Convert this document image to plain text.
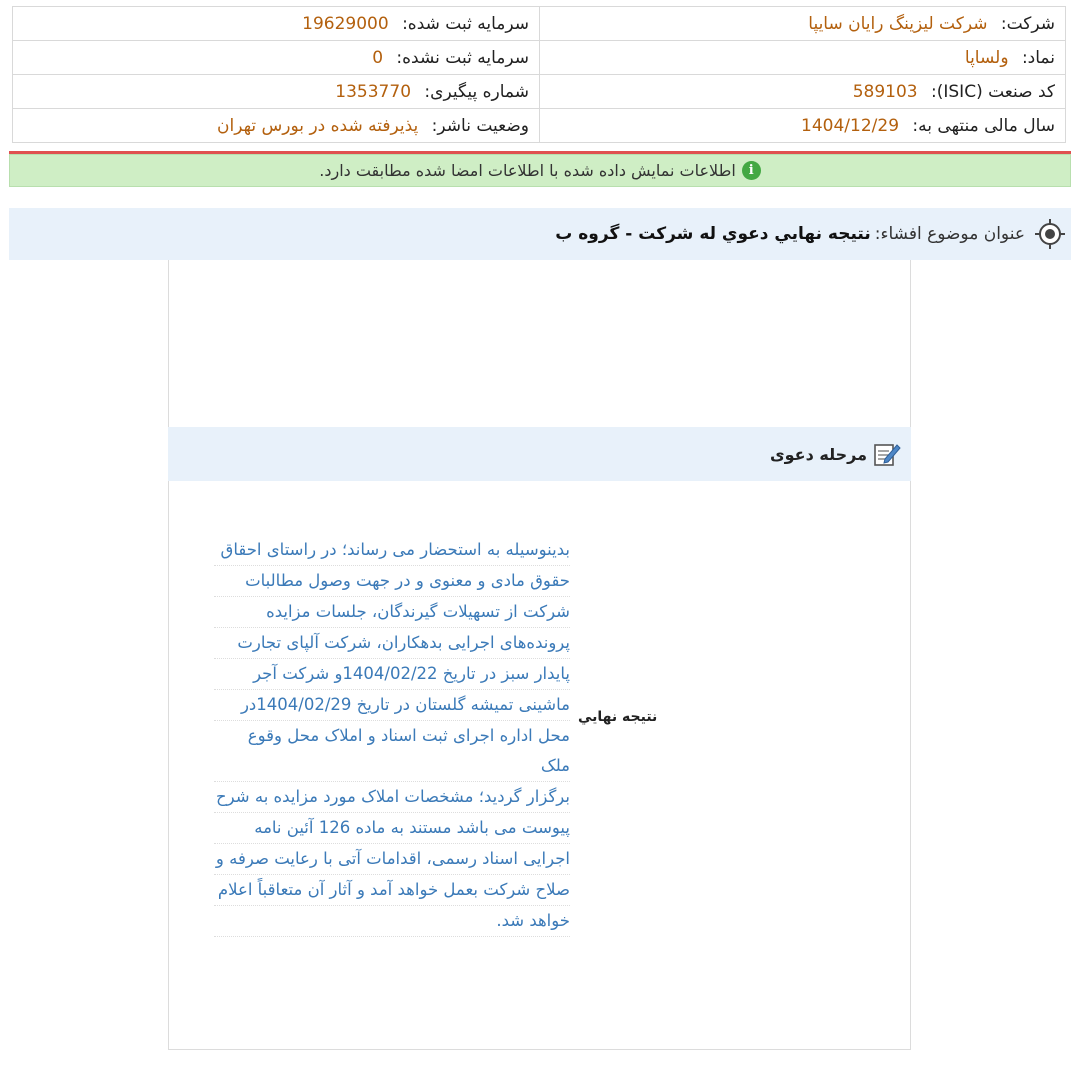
شرکت: شرکت لیزینگ رایان سایپا	سرمایه ثبت شده: 19629000
نماد: ولساپا	سرمایه ثبت نشده: 0
کد صنعت (ISIC): 589103	شماره پیگیری: 1353770
سال مالی منتهی به: 1404/12/29	وضعیت ناشر: پذیرفته شده در بورس تهران
i
اطلاعات نمایش داده شده با اطلاعات امضا شده مطابقت دارد.
عنوان موضوع افشاء:
نتيجه نهايي دعوي له شركت - گروه ب
مرحله دعوی
نتيجه نهايي
بدینوسیله به استحضار می رساند؛ در راستای احقاق
حقوق مادی و معنوی و در جهت وصول مطالبات
شرکت از تسهیلات گیرندگان، جلسات مزایده
پرونده‌های اجرایی بدهکاران، شرکت آلپای تجارت
پایدار سبز در تاریخ 1404/02/22و شرکت آجر
ماشینی تمیشه گلستان در تاریخ 1404/02/29در
محل اداره اجرای ثبت اسناد و املاک محل وقوع ملک
برگزار گردید؛ مشخصات املاک مورد مزایده به شرح
پیوست می باشد مستند به ماده 126 آئین نامه
اجرایی اسناد رسمی، اقدامات آتی با رعایت صرفه و
صلاح شرکت بعمل خواهد آمد و آثار آن متعاقباً اعلام
خواهد شد.
